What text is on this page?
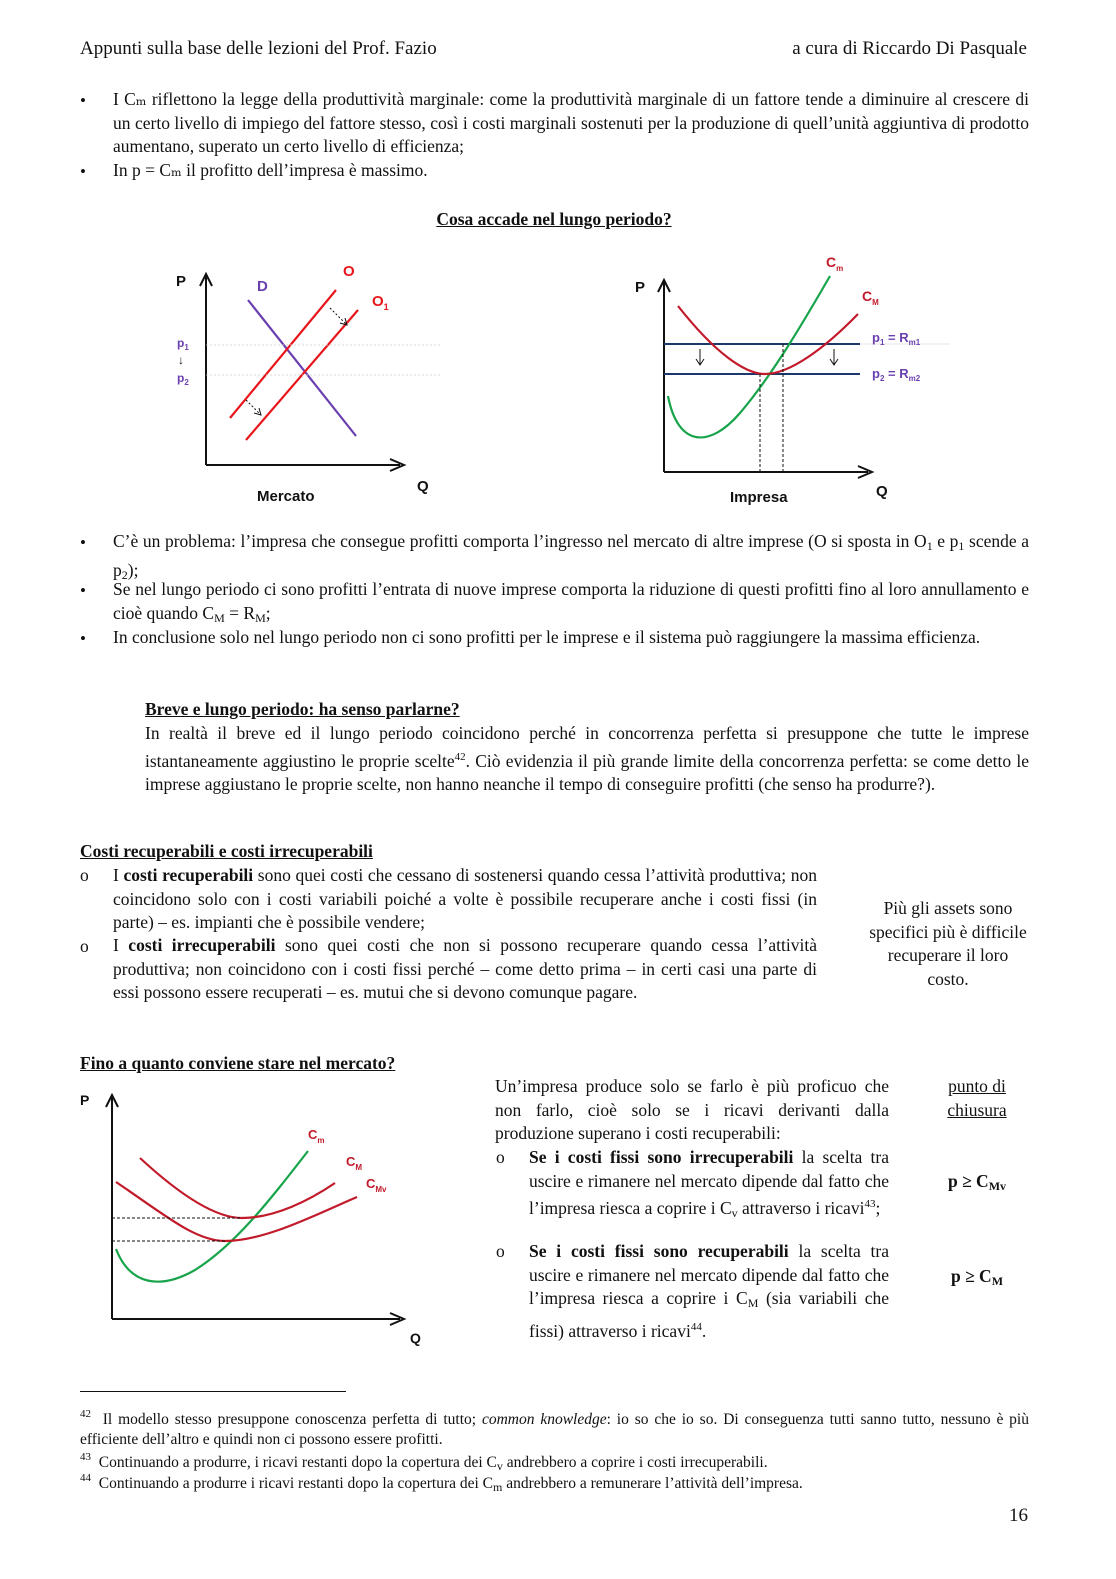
Appunti sulla base delle lezioni del Prof. Fazio	a cura di Riccardo Di Pasquale
• I Cₘ riflettono la legge della produttività marginale: come la produttività marginale di un fattore tende a diminuire al crescere di un certo livello di impiego del fattore stesso, così i costi marginali sostenuti per la produzione di quell’unità aggiuntiva di prodotto aumentano, superato un certo livello di efficienza;
• In p = Cₘ il profitto dell’impresa è massimo.
Cosa accade nel lungo periodo?
P	D
O
$O_1$
$p_1$
↓
$p_2$
Mercato
Q
P
$C_m$
$C_M$
$p_1 = R_{m1}$
$p_2 = R_{m2}$
Impresa	Q
• C’è un problema: l’impresa che consegue profitti comporta l’ingresso nel mercato di altre imprese (O si sposta in $O_1$ e $p_1$ scende a $p_2$);
• Se nel lungo periodo ci sono profitti l’entrata di nuove imprese comporta la riduzione di questi profitti fino al loro annullamento e cioè quando $C_M = R_M$;
• In conclusione solo nel lungo periodo non ci sono profitti per le imprese e il sistema può raggiungere la massima efficienza.
Breve e lungo periodo: ha senso parlarne?
In realtà il breve ed il lungo periodo coincidono perché in concorrenza perfetta si presuppone che tutte le imprese istantaneamente aggiustino le proprie scelte$^{42}$. Ciò evidenzia il più grande limite della concorrenza perfetta: se come detto le imprese aggiustano le proprie scelte, non hanno neanche il tempo di conseguire profitti (che senso ha produrre?).
Costi recuperabili e costi irrecuperabili
o I costi recuperabili sono quei costi che cessano di sostenersi quando cessa l’attività produttiva; non coincidono solo con i costi variabili poiché a volte è possibile recuperare anche i costi fissi (in parte) – es. impianti che è possibile vendere;
o I costi irrecuperabili sono quei costi che non si possono recuperare quando cessa l’attività produttiva; non coincidono con i costi fissi perché – come detto prima – in certi casi una parte di essi possono essere recuperati – es. mutui che si devono comunque pagare.
Più gli assets sono specifici più è difficile recuperare il loro costo.
Fino a quanto conviene stare nel mercato?
P
$C_m$
$C_M$
$C_{Mv}$
Q
Un’impresa produce solo se farlo è più proficuo che non farlo, cioè solo se i ricavi derivanti dalla produzione superano i costi recuperabili:
o Se i costi fissi sono irrecuperabili la scelta tra uscire e rimanere nel mercato dipende dal fatto che l’impresa riesca a coprire i $C_v$ attraverso i ricavi$^{43}$;
o Se i costi fissi sono recuperabili la scelta tra uscire e rimanere nel mercato dipende dal fatto che l’impresa riesca a coprire i $C_M$ (sia variabili che fissi) attraverso i ricavi$^{44}$.
punto di chiusura
$p \ge C_{Mv}$
$p \ge C_M$
$^{42}$ Il modello stesso presuppone conoscenza perfetta di tutto; common knowledge: io so che io so. Di conseguenza tutti sanno tutto, nessuno è più efficiente dell’altro e quindi non ci possono essere profitti.
$^{43}$ Continuando a produrre, i ricavi restanti dopo la copertura dei $C_v$ andrebbero a coprire i costi irrecuperabili.
$^{44}$ Continuando a produrre i ricavi restanti dopo la copertura dei $C_m$ andrebbero a remunerare l’attività dell’impresa.
16
